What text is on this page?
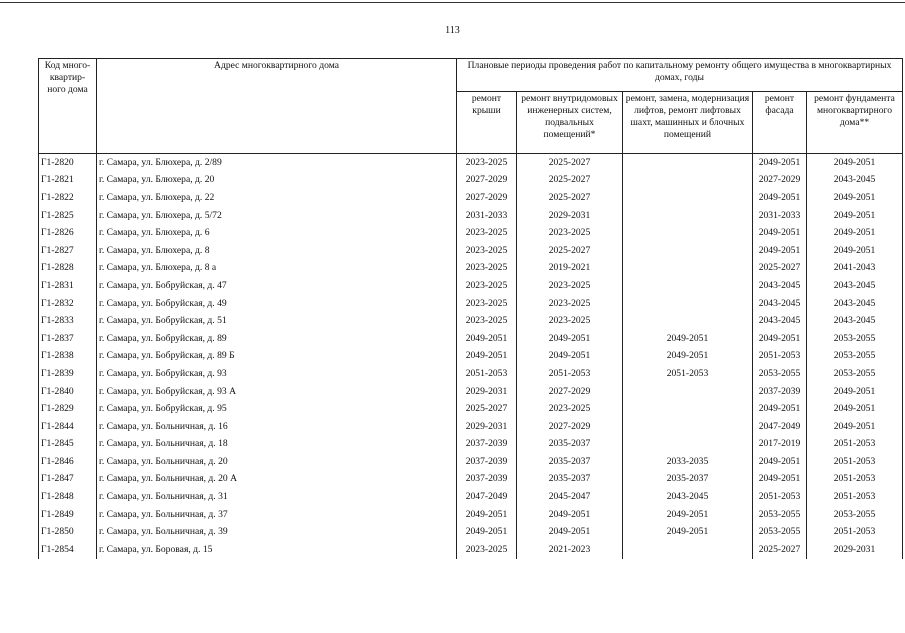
113
Код много-квартир-ного дома	Адрес многоквартирного дома	Плановые периоды проведения работ по капитальному ремонту общего имущества в многоквартирных домах, годы				
		ремонт крыши	ремонт внутридомовых инженерных систем, подвальных помещений*	ремонт, замена, модернизация лифтов, ремонт лифтовых шахт, машинных и блочных помещений	ремонт фасада	ремонт фундамента многоквартирного дома**
Г1-2820	г. Самара, ул. Блюхера, д. 2/89	2023-2025	2025-2027		2049-2051	2049-2051
Г1-2821	г. Самара, ул. Блюхера, д. 20	2027-2029	2025-2027		2027-2029	2043-2045
Г1-2822	г. Самара, ул. Блюхера, д. 22	2027-2029	2025-2027		2049-2051	2049-2051
Г1-2825	г. Самара, ул. Блюхера, д. 5/72	2031-2033	2029-2031		2031-2033	2049-2051
Г1-2826	г. Самара, ул. Блюхера, д. 6	2023-2025	2023-2025		2049-2051	2049-2051
Г1-2827	г. Самара, ул. Блюхера, д. 8	2023-2025	2025-2027		2049-2051	2049-2051
Г1-2828	г. Самара, ул. Блюхера, д. 8 а	2023-2025	2019-2021		2025-2027	2041-2043
Г1-2831	г. Самара, ул. Бобруйская, д. 47	2023-2025	2023-2025		2043-2045	2043-2045
Г1-2832	г. Самара, ул. Бобруйская, д. 49	2023-2025	2023-2025		2043-2045	2043-2045
Г1-2833	г. Самара, ул. Бобруйская, д. 51	2023-2025	2023-2025		2043-2045	2043-2045
Г1-2837	г. Самара, ул. Бобруйская, д. 89	2049-2051	2049-2051	2049-2051	2049-2051	2053-2055
Г1-2838	г. Самара, ул. Бобруйская, д. 89 Б	2049-2051	2049-2051	2049-2051	2051-2053	2053-2055
Г1-2839	г. Самара, ул. Бобруйская, д. 93	2051-2053	2051-2053	2051-2053	2053-2055	2053-2055
Г1-2840	г. Самара, ул. Бобруйская, д. 93 А	2029-2031	2027-2029		2037-2039	2049-2051
Г1-2829	г. Самара, ул. Бобруйская, д. 95	2025-2027	2023-2025		2049-2051	2049-2051
Г1-2844	г. Самара, ул. Больничная, д. 16	2029-2031	2027-2029		2047-2049	2049-2051
Г1-2845	г. Самара, ул. Больничная, д. 18	2037-2039	2035-2037		2017-2019	2051-2053
Г1-2846	г. Самара, ул. Больничная, д. 20	2037-2039	2035-2037	2033-2035	2049-2051	2051-2053
Г1-2847	г. Самара, ул. Больничная, д. 20 А	2037-2039	2035-2037	2035-2037	2049-2051	2051-2053
Г1-2848	г. Самара, ул. Больничная, д. 31	2047-2049	2045-2047	2043-2045	2051-2053	2051-2053
Г1-2849	г. Самара, ул. Больничная, д. 37	2049-2051	2049-2051	2049-2051	2053-2055	2053-2055
Г1-2850	г. Самара, ул. Больничная, д. 39	2049-2051	2049-2051	2049-2051	2053-2055	2051-2053
Г1-2854	г. Самара, ул. Боровая, д. 15	2023-2025	2021-2023		2025-2027	2029-2031
